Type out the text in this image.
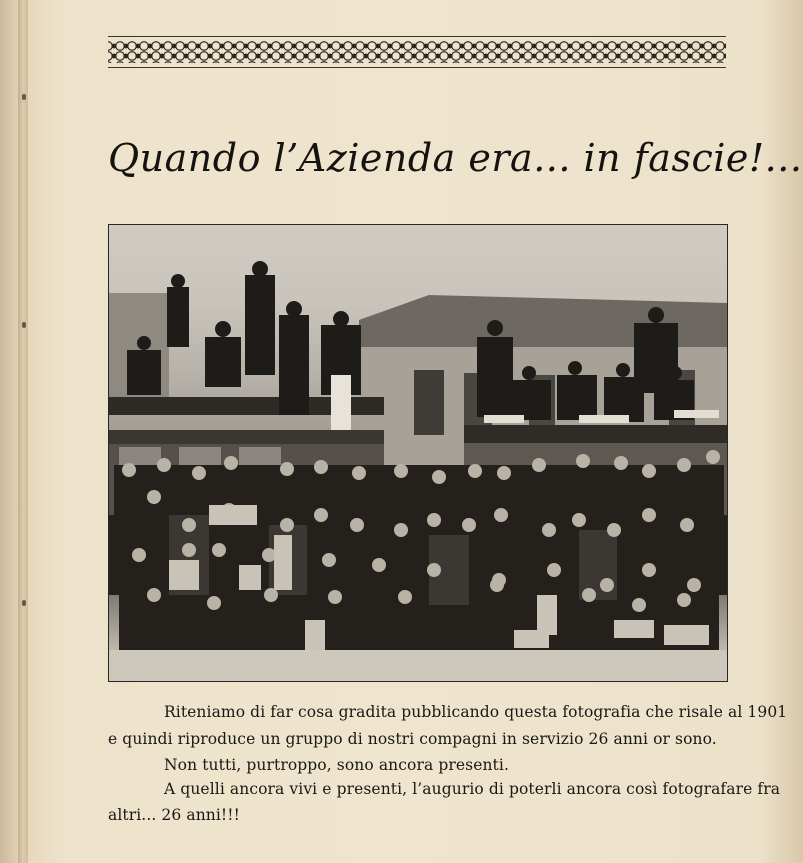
Quando l’Azienda era... in fascie!...
Riteniamo di far cosa gradita pubblicando questa fotografia che risale al 1901
e quindi riproduce un gruppo di nostri compagni in servizio 26 anni or sono.
Non tutti, purtroppo, sono ancora presenti.
A quelli ancora vivi e presenti, l’augurio di poterli ancora così fotografare fra
altri... 26 anni!!!
